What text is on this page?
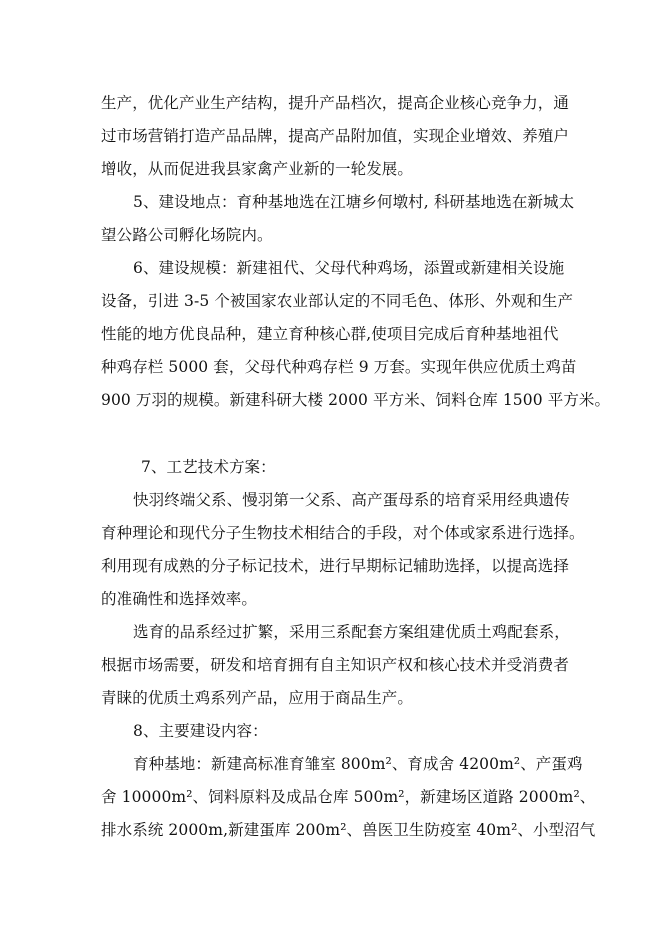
生产，优化产业生产结构，提升产品档次，提高企业核心竞争力，通
过市场营销打造产品品牌，提高产品附加值，实现企业增效、养殖户
增收，从而促进我县家禽产业新的一轮发展。
5、建设地点：育种基地选在江塘乡何墩村, 科研基地选在新城太
望公路公司孵化场院内。
6、建设规模：新建祖代、父母代种鸡场，添置或新建相关设施
设备，引进 3-5 个被国家农业部认定的不同毛色、体形、外观和生产
性能的地方优良品种，建立育种核心群,使项目完成后育种基地祖代
种鸡存栏 5000 套，父母代种鸡存栏 9 万套。实现年供应优质土鸡苗
900 万羽的规模。新建科研大楼 2000 平方米、饲料仓库 1500 平方米。
7、工艺技术方案：
快羽终端父系、慢羽第一父系、高产蛋母系的培育采用经典遗传
育种理论和现代分子生物技术相结合的手段，对个体或家系进行选择。
利用现有成熟的分子标记技术，进行早期标记辅助选择，以提高选择
的准确性和选择效率。
选育的品系经过扩繁，采用三系配套方案组建优质土鸡配套系，
根据市场需要，研发和培育拥有自主知识产权和核心技术并受消费者
青睐的优质土鸡系列产品，应用于商品生产。
8、主要建设内容：
育种基地：新建高标准育雏室 800m²、育成舍 4200m²、产蛋鸡
舍 10000m²、饲料原料及成品仓库 500m²，新建场区道路 2000m²、
排水系统 2000m,新建蛋库 200m²、兽医卫生防疫室 40m²、小型沼气
